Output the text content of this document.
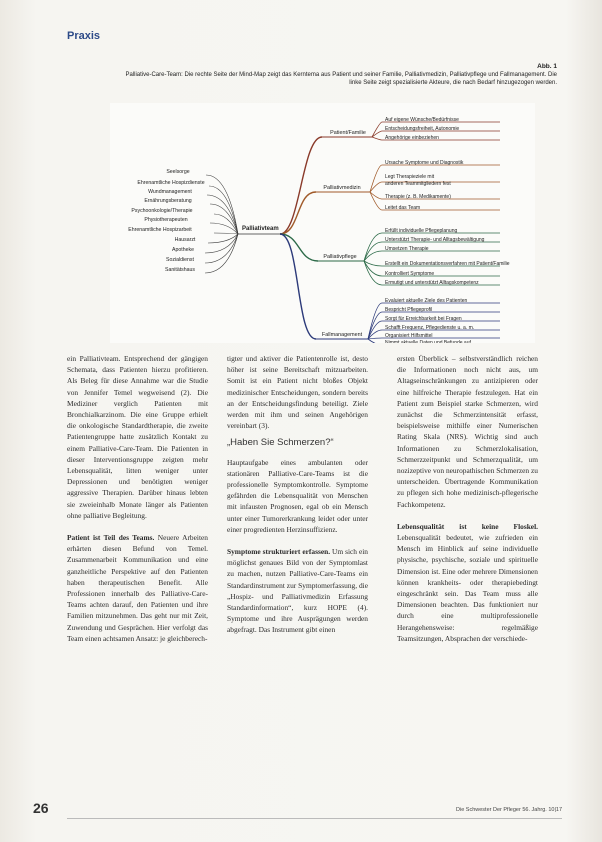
Praxis
Abb. 1
Palliative-Care-Team: Die rechte Seite der Mind-Map zeigt das Kerntema aus Patient und seiner Familie, Palliativmedizin, Palliativpflege und Fallmanagement. Die linke Seite zeigt spezialisierte Akteure, die nach Bedarf hinzugezogen werden.
Palliativteam
Seelsorge
Ehrenamtliche Hospizdienste
Wundmanagement
Ernährungsberatung
Psychoonkologie/Therapie
Physiotherapeuten
Ehrenamtliche Hospizarbeit
Hausarzt
Apotheke
Sozialdienst
Sanitätshaus
Patient/Familie
Palliativmedizin
Palliativpflege
Fallmanagement
Auf eigene Wünsche/Bedürfnisse
Entscheidungsfreiheit, Autonomie
Angehörige einbeziehen
Ursache Symptome und Diagnostik
Legt Therapieziele mit
anderen Teammitgliedern fest
Therapie (z. B. Medikamente)
Leitet das Team
Erfüllt individuelle Pflegeplanung
Unterstützt Therapie- und Alltagsbewältigung
Umsetzen Therapie
Erstellt ein Dokumentationsverfahren mit Patient/Familie
Kontrolliert Symptome
Ermutigt und unterstützt Alltagskompetenz
Evaluiert aktuelle Ziele des Patienten
Bespricht Pflegeprofil
Sorgt für Erreichbarkeit bei Fragen
Schafft Frequenz, Pflegedienste u. a. m.
Organisiert Hilfsmittel
Nimmt aktuelle Daten und Befunde auf

ein Palliativteam. Entsprechend der gängigen Schemata, dass Patienten hierzu profitieren. Als Beleg für diese Annahme war die Studie von Jennifer Temel wegweisend (2). Die Mediziner verglich Patienten mit Bronchialkarzinom. Die eine Gruppe erhielt die onkologische Standardtherapie, die zweite Patientengruppe hatte zusätzlich Kontakt zu einem Palliative-Care-Team. Die Patienten in dieser Interventionsgruppe zeigten mehr Lebensqualität, litten weniger unter Depressionen und benötigten weniger aggressive Therapien. Darüber hinaus lebten sie zweieinhalb Monate länger als Patienten ohne palliative Begleitung.

Patient ist Teil des Teams. Neuere Arbeiten erhärten diesen Befund von Temel. Zusammenarbeit Kommunikation und eine ganzheitliche Perspektive auf den Patienten haben therapeutischen Benefit. Alle Professionen innerhalb des Palliative-Care-Teams achten darauf, den Patienten und ihre Familien mitzunehmen. Das geht nur mit Zeit, Zuwendung und Gesprächen. Hier verfolgt das Team einen achtsamen Ansatz: je gleichberech-

tigter und aktiver die Patientenrolle ist, desto höher ist seine Bereitschaft mitzuarbeiten. Somit ist ein Patient nicht bloßes Objekt medizinischer Entscheidungen, sondern bereits an der Entscheidungsfindung beteiligt. Ziele werden mit ihm und seinen Angehörigen vereinbart (3).

„Haben Sie Schmerzen?“

Hauptaufgabe eines ambulanten oder stationären Palliative-Care-Teams ist die professionelle Symptomkontrolle. Symptome gefährden die Lebensqualität von Menschen mit infausten Prognosen, egal ob ein Mensch unter einer Tumorerkrankung leidet oder unter einer progredienten Herzinsuffizienz.

Symptome strukturiert erfassen. Um sich ein möglichst genaues Bild von der Symptomlast zu machen, nutzen Palliative-Care-Teams ein Standardinstrument zur Symptomerfassung, die „Hospiz- und Palliativmedizin Erfassung Standardinformation“, kurz HOPE (4). Symptome und ihre Ausprägungen werden abgefragt. Das Instrument gibt einen

ersten Überblick – selbstverständlich reichen die Informationen noch nicht aus, um Altagseinschränkungen zu antizipieren oder eine hilfreiche Therapie festzulegen. Hat ein Patient zum Beispiel starke Schmerzen, wird zunächst die Schmerzintensität erfasst, beispielsweise mithilfe einer Numerischen Rating Skala (NRS). Wichtig sind auch Informationen zu Schmerzlokalisation, Schmerzzeitpunkt und Schmerzqualität, um nozizeptive von neuropathischen Schmerzen zu unterscheiden. Übertragende Kommunikation zu pflegen sich hohe medizinisch-pflegerische Fachkompetenz.

Lebensqualität ist keine Floskel. Lebensqualität bedeutet, wie zufrieden ein Mensch im Hinblick auf seine individuelle physische, psychische, soziale und spirituelle Dimension ist. Eine oder mehrere Dimensionen können krankheits- oder therapiebedingt eingeschränkt sein. Das Team muss alle Dimensionen beachten. Das funktioniert nur durch eine multiprofessionelle Herangehensweise: regelmäßige Teamsitzungen, Absprachen der verschiede-

26	Die Schwester Der Pfleger 56. Jahrg. 10|17
